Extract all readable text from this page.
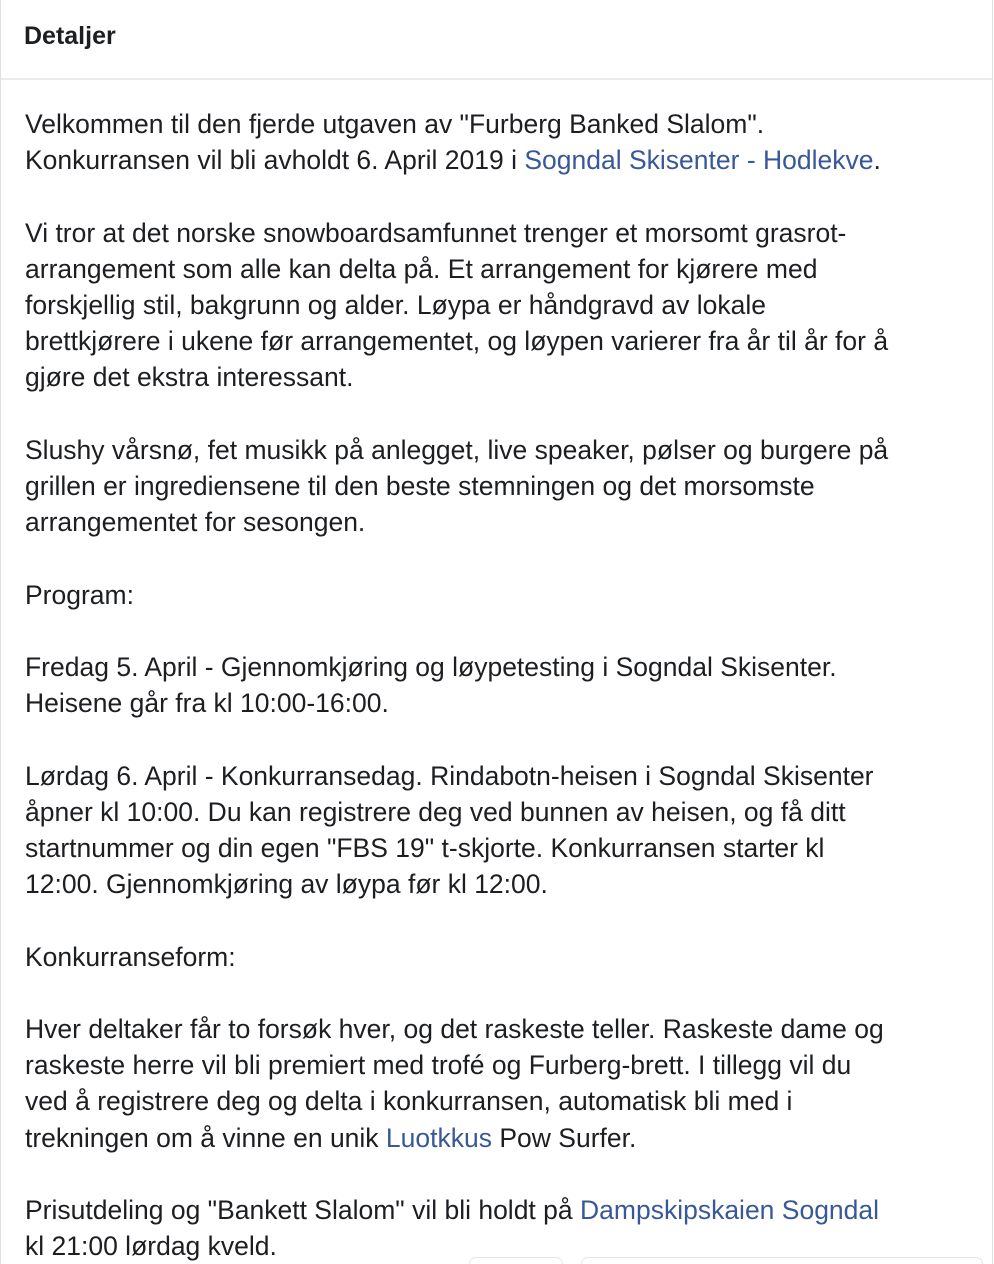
Detaljer

Velkommen til den fjerde utgaven av "Furberg Banked Slalom".
Konkurransen vil bli avholdt 6. April 2019 i Sogndal Skisenter - Hodlekve.

Vi tror at det norske snowboardsamfunnet trenger et morsomt grasrot-
arrangement som alle kan delta på. Et arrangement for kjørere med
forskjellig stil, bakgrunn og alder. Løypa er håndgravd av lokale
brettkjørere i ukene før arrangementet, og løypen varierer fra år til år for å
gjøre det ekstra interessant.

Slushy vårsnø, fet musikk på anlegget, live speaker, pølser og burgere på
grillen er ingrediensene til den beste stemningen og det morsomste
arrangementet for sesongen.

Program:

Fredag 5. April - Gjennomkjøring og løypetesting i Sogndal Skisenter.
Heisene går fra kl 10:00-16:00.

Lørdag 6. April - Konkurransedag. Rindabotn-heisen i Sogndal Skisenter
åpner kl 10:00. Du kan registrere deg ved bunnen av heisen, og få ditt
startnummer og din egen "FBS 19" t-skjorte. Konkurransen starter kl
12:00. Gjennomkjøring av løypa før kl 12:00.

Konkurranseform:

Hver deltaker får to forsøk hver, og det raskeste teller. Raskeste dame og
raskeste herre vil bli premiert med trofé og Furberg-brett. I tillegg vil du
ved å registrere deg og delta i konkurransen, automatisk bli med i
trekningen om å vinne en unik Luotkkus Pow Surfer.

Prisutdeling og "Bankett Slalom" vil bli holdt på Dampskipskaien Sogndal
kl 21:00 lørdag kveld.
